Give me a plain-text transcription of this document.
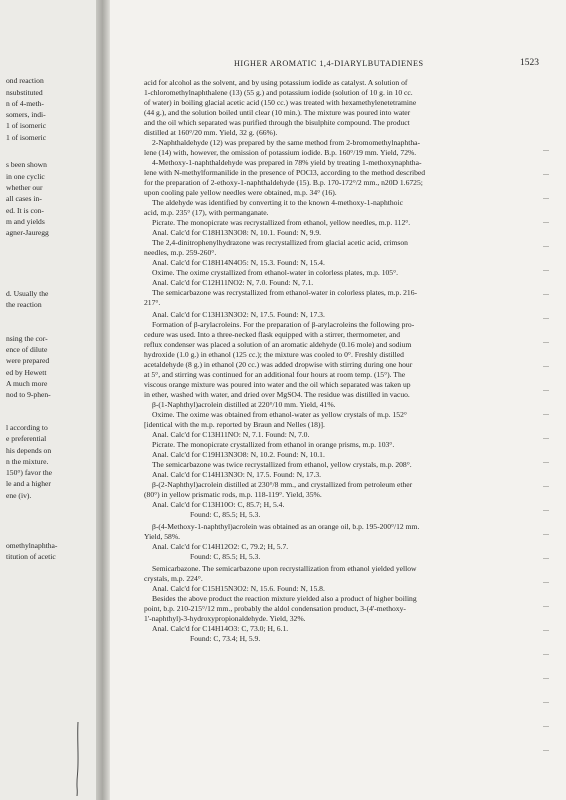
ond reaction
nsubstituted
n of 4-meth-
somers, indi-
1 of isomeric
1 of isomeric
s been shown
in one cyclic
whether our
all cases in-
ed. It is con-
m and yields
agner-Jauregg
d. Usually the
the reaction
nsing the cor-
ence of dilute
were prepared
ed by Hewett
A much more
nod to 9-phen-
l according to
e preferential
his depends on
n the mixture.
150°) favor the
le and a higher
ene (iv).
omethylnaphtha-
titution of acetic
HIGHER AROMATIC 1,4-DIARYLBUTADIENES	1523
acid for alcohol as the solvent, and by using potassium iodide as catalyst. A solution of
1-chloromethylnaphthalene (13) (55 g.) and potassium iodide (solution of 10 g. in 10 cc.
of water) in boiling glacial acetic acid (150 cc.) was treated with hexamethylenetetramine
(44 g.), and the solution boiled until clear (10 min.). The mixture was poured into water
and the oil which separated was purified through the bisulphite compound. The product
distilled at 160°/20 mm. Yield, 32 g. (66%).
2-Naphthaldehyde (12) was prepared by the same method from 2-bromomethylnaphtha-
lene (14) with, however, the omission of potassium iodide. B.p. 160°/19 mm. Yield, 72%.
4-Methoxy-1-naphthaldehyde was prepared in 78% yield by treating 1-methoxynaphtha-
lene with N-methylformanilide in the presence of POCl3, according to the method described
for the preparation of 2-ethoxy-1-naphthaldehyde (15). B.p. 170-172°/2 mm., n20D 1.6725;
upon cooling pale yellow needles were obtained, m.p. 34° (16).
The aldehyde was identified by converting it to the known 4-methoxy-1-naphthoic
acid, m.p. 235° (17), with permanganate.
Picrate. The monopicrate was recrystallized from ethanol, yellow needles, m.p. 112°.
Anal. Calc'd for C18H13N3O8: N, 10.1. Found: N, 9.9.
The 2,4-dinitrophenylhydrazone was recrystallized from glacial acetic acid, crimson
needles, m.p. 259-260°.
Anal. Calc'd for C18H14N4O5: N, 15.3. Found: N, 15.4.
Oxime. The oxime crystallized from ethanol-water in colorless plates, m.p. 105°.
Anal. Calc'd for C12H11NO2: N, 7.0. Found: N, 7.1.
The semicarbazone was recrystallized from ethanol-water in colorless plates, m.p. 216-
217°.
Anal. Calc'd for C13H13N3O2: N, 17.5. Found: N, 17.3.
Formation of β-arylacroleins. For the preparation of β-arylacroleins the following pro-
cedure was used. Into a three-necked flask equipped with a stirrer, thermometer, and
reflux condenser was placed a solution of an aromatic aldehyde (0.16 mole) and sodium
hydroxide (1.0 g.) in ethanol (125 cc.); the mixture was cooled to 0°. Freshly distilled
acetaldehyde (8 g.) in ethanol (20 cc.) was added dropwise with stirring during one hour
at 5°, and stirring was continued for an additional four hours at room temp. (15°). The
viscous orange mixture was poured into water and the oil which separated was taken up
in ether, washed with water, and dried over MgSO4. The residue was distilled in vacuo.
β-(1-Naphthyl)acrolein distilled at 220°/10 mm. Yield, 41%.
Oxime. The oxime was obtained from ethanol-water as yellow crystals of m.p. 152°
[identical with the m.p. reported by Braun and Nelles (18)].
Anal. Calc'd for C13H11NO: N, 7.1. Found: N, 7.0.
Picrate. The monopicrate crystallized from ethanol in orange prisms, m.p. 103°.
Anal. Calc'd for C19H13N3O8: N, 10.2. Found: N, 10.1.
The semicarbazone was twice recrystallized from ethanol, yellow crystals, m.p. 208°.
Anal. Calc'd for C14H13N3O: N, 17.5. Found: N, 17.3.
β-(2-Naphthyl)acrolein distilled at 230°/8 mm., and crystallized from petroleum ether
(80°) in yellow prismatic rods, m.p. 118-119°. Yield, 35%.
Anal. Calc'd for C13H10O: C, 85.7; H, 5.4.
Found: C, 85.5; H, 5.3.
β-(4-Methoxy-1-naphthyl)acrolein was obtained as an orange oil, b.p. 195-200°/12 mm.
Yield, 58%.
Anal. Calc'd for C14H12O2: C, 79.2; H, 5.7.
Found: C, 85.5; H, 5.3.
Semicarbazone. The semicarbazone upon recrystallization from ethanol yielded yellow
crystals, m.p. 224°.
Anal. Calc'd for C15H15N3O2: N, 15.6. Found: N, 15.8.
Besides the above product the reaction mixture yielded also a product of higher boiling
point, b.p. 210-215°/12 mm., probably the aldol condensation product, 3-(4'-methoxy-
1'-naphthyl)-3-hydroxypropionaldehyde. Yield, 32%.
Anal. Calc'd for C14H14O3: C, 73.0; H, 6.1.
Found: C, 73.4; H, 5.9.
